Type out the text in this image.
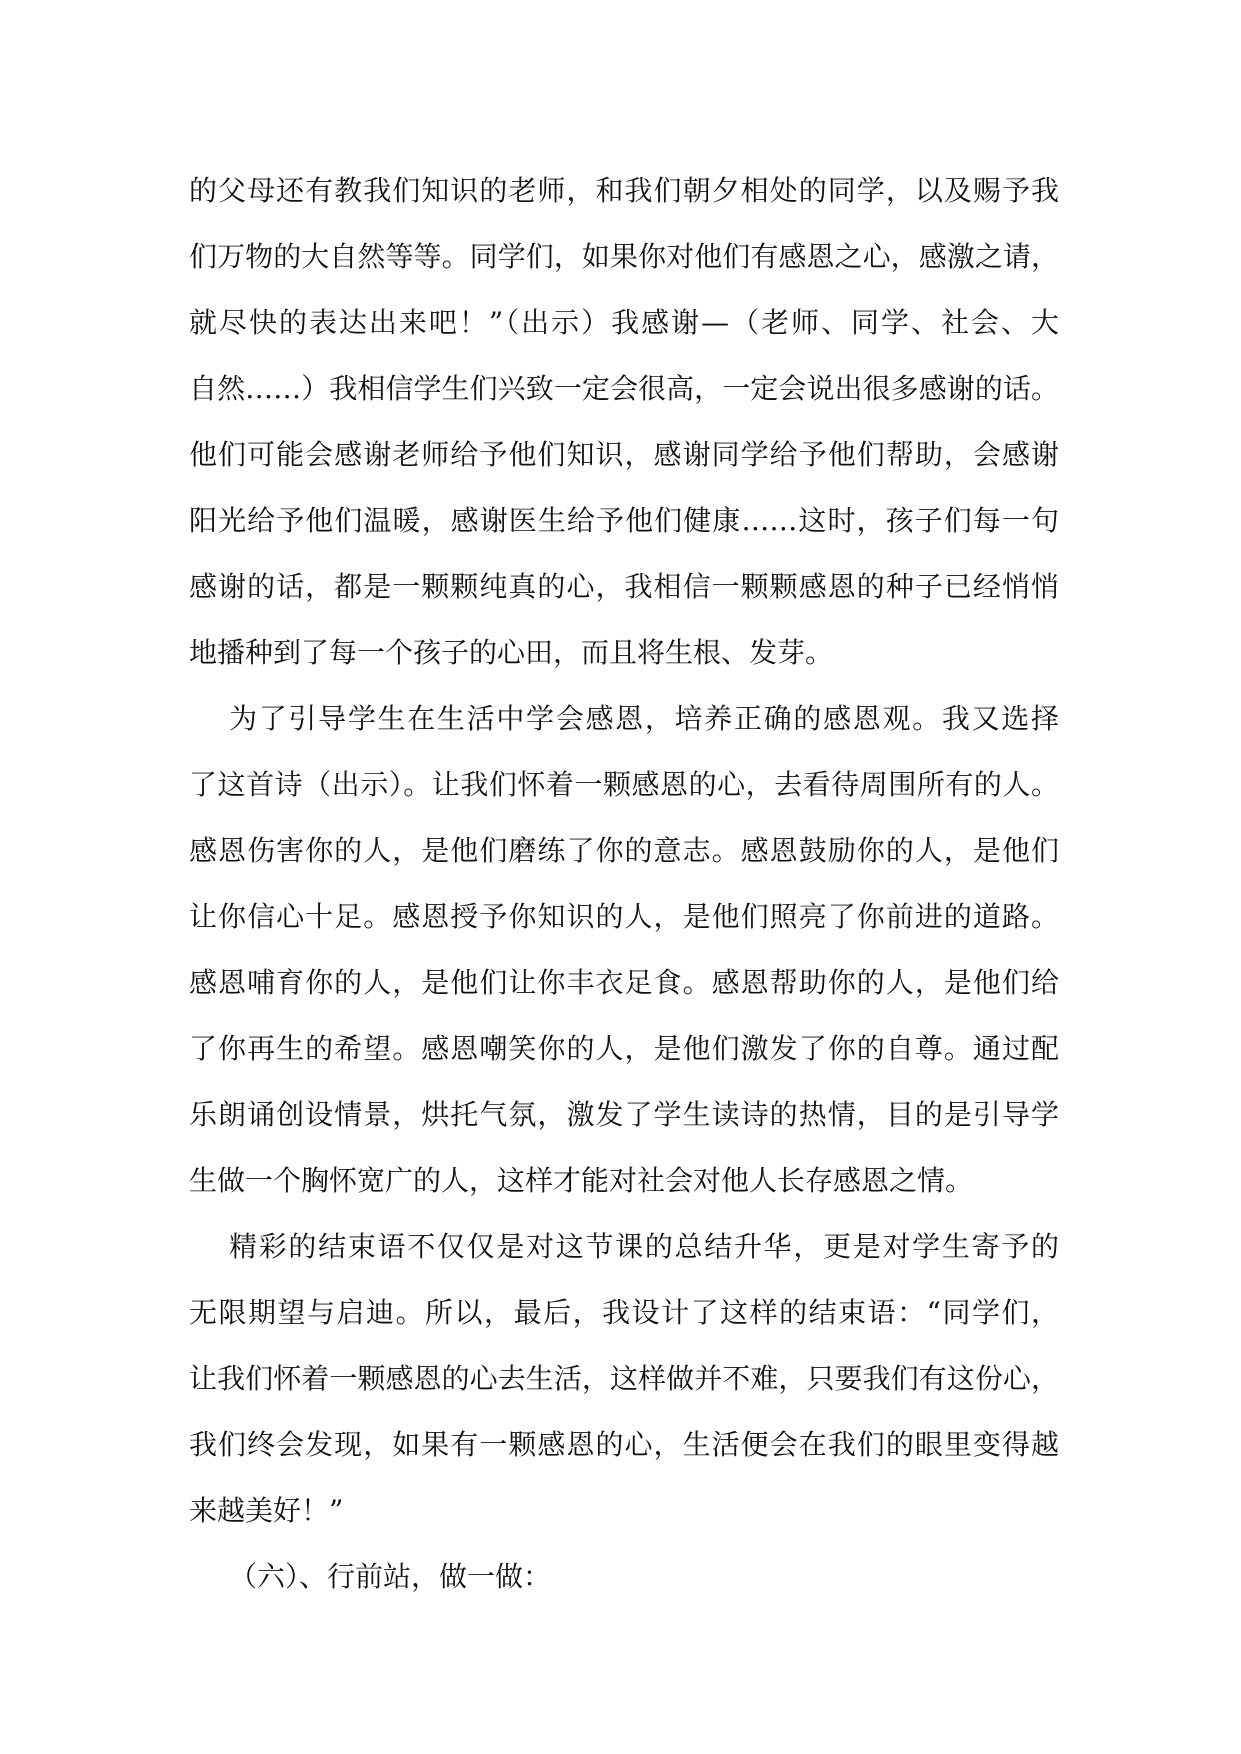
的父母还有教我们知识的老师，和我们朝夕相处的同学，以及赐予我
们万物的大自然等等。同学们，如果你对他们有感恩之心，感激之请，
就尽快的表达出来吧！”（出示）我感谢—（老师、同学、社会、大
自然……）我相信学生们兴致一定会很高，一定会说出很多感谢的话。
他们可能会感谢老师给予他们知识，感谢同学给予他们帮助，会感谢
阳光给予他们温暖，感谢医生给予他们健康……这时，孩子们每一句
感谢的话，都是一颗颗纯真的心，我相信一颗颗感恩的种子已经悄悄
地播种到了每一个孩子的心田，而且将生根、发芽。
为了引导学生在生活中学会感恩，培养正确的感恩观。我又选择
了这首诗（出示）。让我们怀着一颗感恩的心，去看待周围所有的人。
感恩伤害你的人，是他们磨练了你的意志。感恩鼓励你的人，是他们
让你信心十足。感恩授予你知识的人，是他们照亮了你前进的道路。
感恩哺育你的人，是他们让你丰衣足食。感恩帮助你的人，是他们给
了你再生的希望。感恩嘲笑你的人，是他们激发了你的自尊。通过配
乐朗诵创设情景，烘托气氛，激发了学生读诗的热情，目的是引导学
生做一个胸怀宽广的人，这样才能对社会对他人长存感恩之情。
精彩的结束语不仅仅是对这节课的总结升华，更是对学生寄予的
无限期望与启迪。所以，最后，我设计了这样的结束语：“同学们，
让我们怀着一颗感恩的心去生活，这样做并不难，只要我们有这份心，
我们终会发现，如果有一颗感恩的心，生活便会在我们的眼里变得越
来越美好！”
（六）、行前站，做一做：
